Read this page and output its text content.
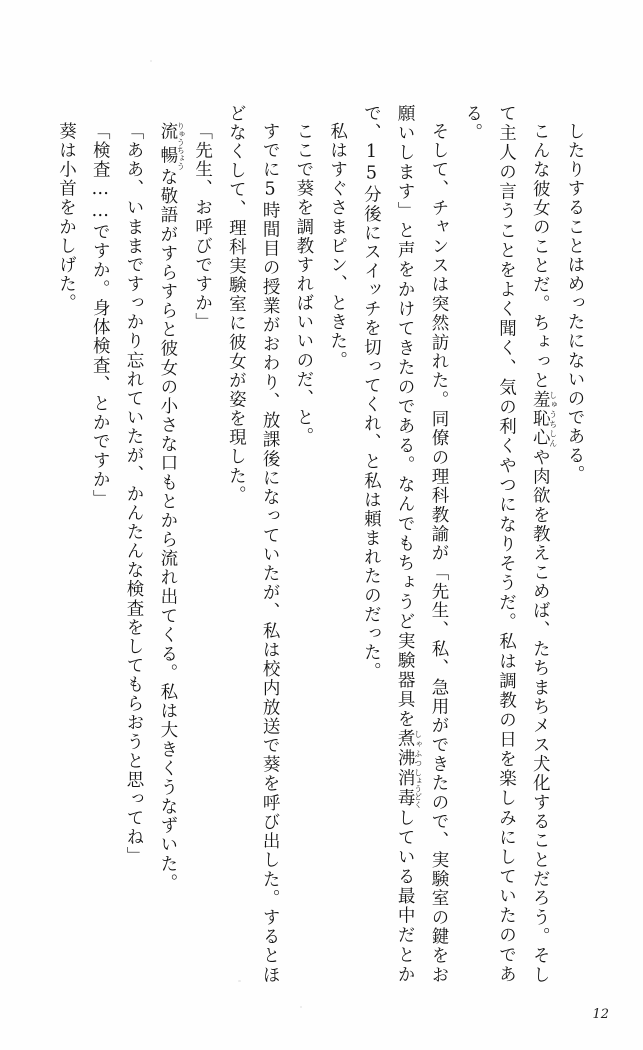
したりすることはめったにないのである。

こんな彼女のことだ。ちょっと羞恥心しゅうちしんや肉欲を教えこめば、たちまちメス犬化することだろう。そして主人の言うことをよく聞く、気の利くやつになりそうだ。私は調教の日を楽しみにしていたのである。

そして、チャンスは突然訪れた。同僚の理科教諭が「先生、私、急用ができたので、実験室の鍵をお願いします」と声をかけてきたのである。なんでもちょうど実験器具を煮沸しゃふつ消毒しょうどくしている最中だとかで、15分後にスイッチを切ってくれ、と私は頼まれたのだった。

私はすぐさまピン、ときた。

ここで葵を調教すればいいのだ、と。

すでに5時間目の授業がおわり、放課後になっていたが、私は校内放送で葵を呼び出した。するとほどなくして、理科実験室に彼女が姿を現した。

「先生、お呼びですか」

流暢りゅうちょうな敬語がすらすらと彼女の小さな口もとから流れ出てくる。私は大きくうなずいた。

「ああ、いままですっかり忘れていたが、かんたんな検査をしてもらおうと思ってね」

「検査……ですか。身体検査、とかですか」

葵は小首をかしげた。

12
